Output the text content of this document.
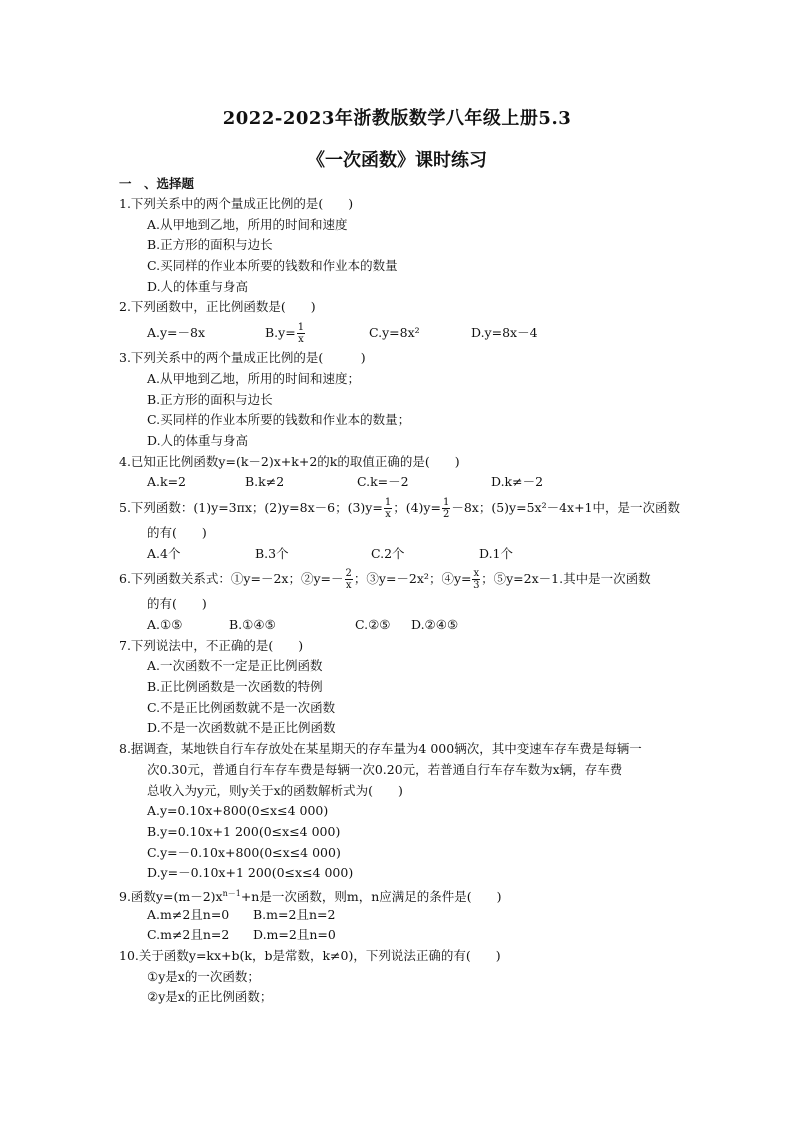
2022-2023年浙教版数学八年级上册5.3
《一次函数》课时练习
一　、选择题
1.下列关系中的两个量成正比例的是(　　)
A.从甲地到乙地，所用的时间和速度
B.正方形的面积与边长
C.买同样的作业本所要的钱数和作业本的数量
D.人的体重与身高
2.下列函数中，正比例函数是(　　)
A.y=－8x	$B.y= \frac{1}{x}$	C.y=8x²	D.y=8x－4
3.下列关系中的两个量成正比例的是(　　　)
A.从甲地到乙地，所用的时间和速度；
B.正方形的面积与边长
C.买同样的作业本所要的钱数和作业本的数量；
D.人的体重与身高
4.已知正比例函数y=(k－2)x+k+2的k的取值正确的是(　　)
A.k=2	B.k≠2	C.k=－2	D.k≠－2
5.下列函数：(1)y=3πx；(2)y=8x－6；$(3)y= \frac{1}{x}$ ；$(4)y= \frac{1}{2} -8x$；(5)y=5x²－4x+1中，是一次函数
的有(　　)
A.4个	B.3个	C.2个	D.1个
6.下列函数关系式：①y=－2x；②y=－ $\frac{2}{x}$ ；③y=－2x²；④y= $\frac{x}{3}$ ；⑤y=2x－1.其中是一次函数
的有(　　)
A.①⑤	B.①④⑤	C.②⑤	D.②④⑤
7.下列说法中，不正确的是(　　)
A.一次函数不一定是正比例函数
B.正比例函数是一次函数的特例
C.不是正比例函数就不是一次函数
D.不是一次函数就不是正比例函数
8.据调查，某地铁自行车存放处在某星期天的存车量为4 000辆次，其中变速车存车费是每辆一
次0.30元，普通自行车存车费是每辆一次0.20元，若普通自行车存车数为x辆，存车费
总收入为y元，则y关于x的函数解析式为(　　)
A.y=0.10x+800(0≤x≤4 000)
B.y=0.10x+1 200(0≤x≤4 000)
C.y=－0.10x+800(0≤x≤4 000)
D.y=－0.10x+1 200(0≤x≤4 000)
9.函数$y=(m-2)x^{n-1}+n$是一次函数，则m，n应满足的条件是(　　)
A.m≠2且n=0	B.m=2且n=2
C.m≠2且n=2	D.m=2且n=0
10.关于函数y=kx+b(k，b是常数，k≠0)，下列说法正确的有(　　)
①y是x的一次函数；
②y是x的正比例函数；
